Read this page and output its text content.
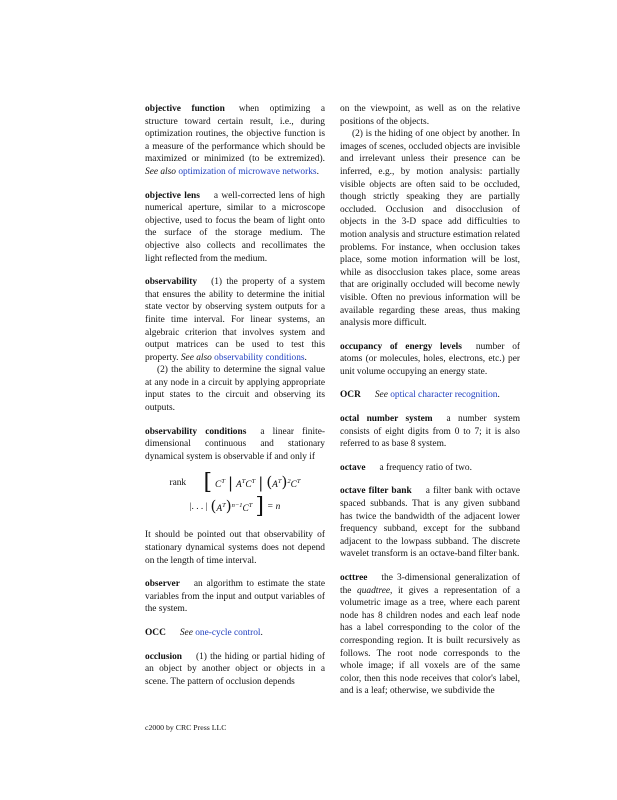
objective function when optimizing a structure toward certain result, i.e., during optimization routines, the objective function is a measure of the performance which should be maximized or minimized (to be extremized). See also optimization of microwave networks.

objective lens a well-corrected lens of high numerical aperture, similar to a microscope objective, used to focus the beam of light onto the surface of the storage medium. The objective also collects and recollimates the light reflected from the medium.

observability (1) the property of a system that ensures the ability to determine the initial state vector by observing system outputs for a finite time interval. For linear systems, an algebraic criterion that involves system and output matrices can be used to test this property. See also observability conditions.

(2) the ability to determine the signal value at any node in a circuit by applying appropriate input states to the circuit and observing its outputs.

observability conditions a linear finite-dimensional continuous and stationary dynamical system is observable if and only if

rank [ $C^T$ | $A^TC^T$ | $(A^T)^2C^T$
|. . . | $(A^T)^{n-1}C^T$ ] = n

It should be pointed out that observability of stationary dynamical systems does not depend on the length of time interval.

observer an algorithm to estimate the state variables from the input and output variables of the system.

OCC See one-cycle control.

occlusion (1) the hiding or partial hiding of an object by another object or objects in a scene. The pattern of occlusion depends

on the viewpoint, as well as on the relative positions of the objects.

(2) is the hiding of one object by another. In images of scenes, occluded objects are invisible and irrelevant unless their presence can be inferred, e.g., by motion analysis: partially visible objects are often said to be occluded, though strictly speaking they are partially occluded. Occlusion and disocclusion of objects in the 3-D space add difficulties to motion analysis and structure estimation related problems. For instance, when occlusion takes place, some motion information will be lost, while as disocclusion takes place, some areas that are originally occluded will become newly visible. Often no previous information will be available regarding these areas, thus making analysis more difficult.

occupancy of energy levels number of atoms (or molecules, holes, electrons, etc.) per unit volume occupying an energy state.

OCR See optical character recognition.

octal number system a number system consists of eight digits from 0 to 7; it is also referred to as base 8 system.

octave a frequency ratio of two.

octave filter bank a filter bank with octave spaced subbands. That is any given subband has twice the bandwidth of the adjacent lower frequency subband, except for the subband adjacent to the lowpass subband. The discrete wavelet transform is an octave-band filter bank.

octtree the 3-dimensional generalization of the quadtree, it gives a representation of a volumetric image as a tree, where each parent node has 8 children nodes and each leaf node has a label corresponding to the color of the corresponding region. It is built recursively as follows. The root node corresponds to the whole image; if all voxels are of the same color, then this node receives that color's label, and is a leaf; otherwise, we subdivide the

c2000 by CRC Press LLC
